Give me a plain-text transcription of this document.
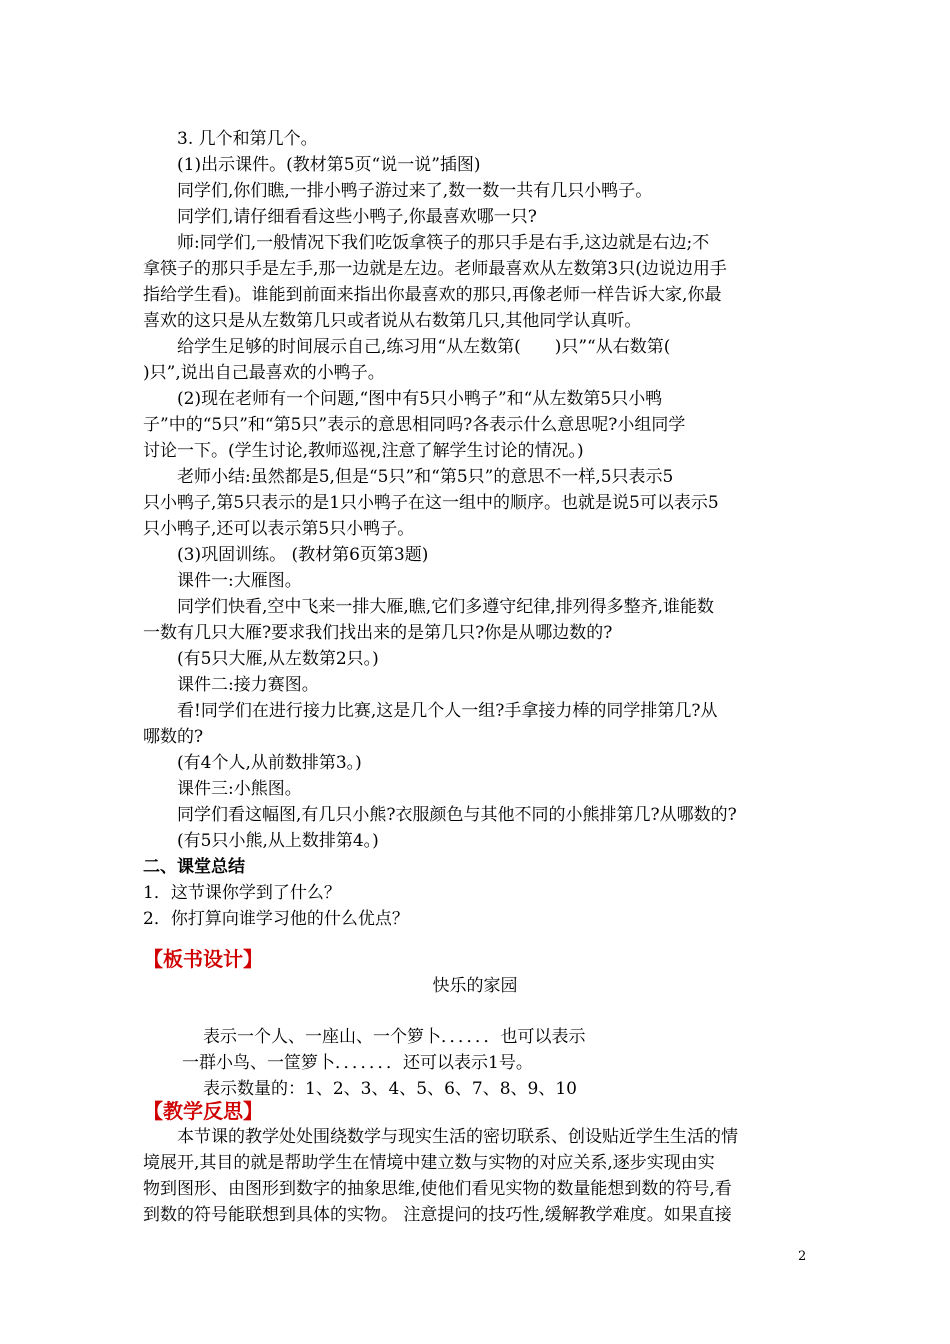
3. 几个和第几个。
(1)出示课件。(教材第5页“说一说”插图)
同学们,你们瞧,一排小鸭子游过来了,数一数一共有几只小鸭子。
同学们,请仔细看看这些小鸭子,你最喜欢哪一只?
师:同学们,一般情况下我们吃饭拿筷子的那只手是右手,这边就是右边;不
拿筷子的那只手是左手,那一边就是左边。老师最喜欢从左数第3只(边说边用手
指给学生看)。谁能到前面来指出你最喜欢的那只,再像老师一样告诉大家,你最
喜欢的这只是从左数第几只或者说从右数第几只,其他同学认真听。
给学生足够的时间展示自己,练习用“从左数第(　　)只”“从右数第(
)只”,说出自己最喜欢的小鸭子。
(2)现在老师有一个问题,“图中有5只小鸭子”和“从左数第5只小鸭
子”中的“5只”和“第5只”表示的意思相同吗?各表示什么意思呢?小组同学
讨论一下。(学生讨论,教师巡视,注意了解学生讨论的情况。)
老师小结:虽然都是5,但是“5只”和“第5只”的意思不一样,5只表示5
只小鸭子,第5只表示的是1只小鸭子在这一组中的顺序。也就是说5可以表示5
只小鸭子,还可以表示第5只小鸭子。
(3)巩固训练。 (教材第6页第3题)
课件一:大雁图。
同学们快看,空中飞来一排大雁,瞧,它们多遵守纪律,排列得多整齐,谁能数
一数有几只大雁?要求我们找出来的是第几只?你是从哪边数的?
(有5只大雁,从左数第2只。)
课件二:接力赛图。
看!同学们在进行接力比赛,这是几个人一组?手拿接力棒的同学排第几?从
哪数的?
(有4个人,从前数排第3。)
课件三:小熊图。
同学们看这幅图,有几只小熊?衣服颜色与其他不同的小熊排第几?从哪数的?
(有5只小熊,从上数排第4。)
二、课堂总结
1．这节课你学到了什么？
2．你打算向谁学习他的什么优点？
【板书设计】
快乐的家园
表示一个人、一座山、一个箩卜．．．．．．也可以表示
一群小鸟、一筐箩卜．．．．．．．还可以表示1号。
表示数量的：1、2、3、4、5、6、7、8、9、10
【教学反思】
本节课的教学处处围绕数学与现实生活的密切联系、创设贴近学生生活的情
境展开,其目的就是帮助学生在情境中建立数与实物的对应关系,逐步实现由实
物到图形、由图形到数字的抽象思维,使他们看见实物的数量能想到数的符号,看
到数的符号能联想到具体的实物。 注意提问的技巧性,缓解教学难度。如果直接
2
